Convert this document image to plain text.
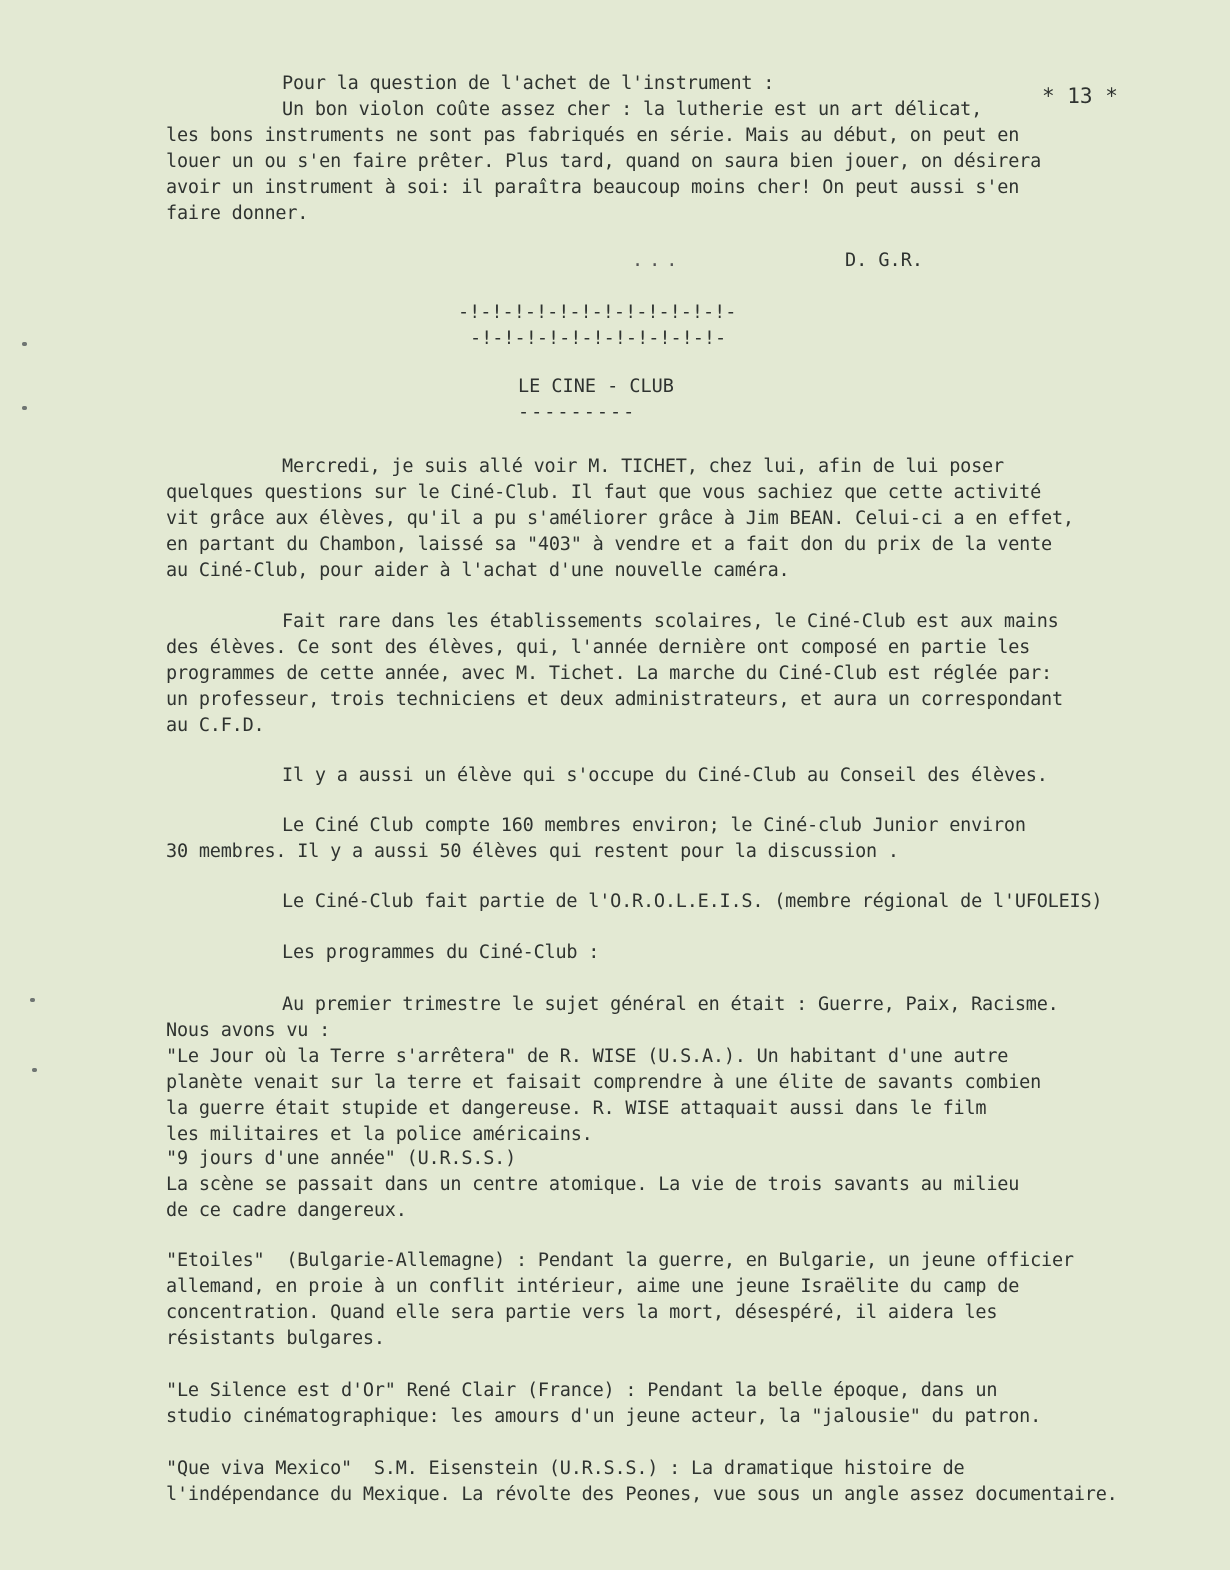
* 13 *
Pour la question de l'achet de l'instrument :
Un bon violon coûte assez cher : la lutherie est un art délicat,
les bons instruments ne sont pas fabriqués en série. Mais au début, on peut en
louer un ou s'en faire prêter. Plus tard, quand on saura bien jouer, on désirera
avoir un instrument à soi: il paraîtra beaucoup moins cher! On peut aussi s'en
faire donner.
...	D. G.R.
-!-!-!-!-!-!-!-!-!-!-!-!-
-!-!-!-!-!-!-!-!-!-!-!-
LE CINE - CLUB
---------
Mercredi, je suis allé voir M. TICHET, chez lui, afin de lui poser
quelques questions sur le Ciné-Club. Il faut que vous sachiez que cette activité
vit grâce aux élèves, qu'il a pu s'améliorer grâce à Jim BEAN. Celui-ci a en effet,
en partant du Chambon, laissé sa "403" à vendre et a fait don du prix de la vente
au Ciné-Club, pour aider à l'achat d'une nouvelle caméra.
Fait rare dans les établissements scolaires, le Ciné-Club est aux mains
des élèves. Ce sont des élèves, qui, l'année dernière ont composé en partie les
programmes de cette année, avec M. Tichet. La marche du Ciné-Club est réglée par:
un professeur, trois techniciens et deux administrateurs, et aura un correspondant
au C.F.D.
Il y a aussi un élève qui s'occupe du Ciné-Club au Conseil des élèves.
Le Ciné Club compte 160 membres environ; le Ciné-club Junior environ
30 membres. Il y a aussi 50 élèves qui restent pour la discussion .
Le Ciné-Club fait partie de l'O.R.O.L.E.I.S. (membre régional de l'UFOLEIS)
Les programmes du Ciné-Club :
Au premier trimestre le sujet général en était : Guerre, Paix, Racisme.
Nous avons vu :
"Le Jour où la Terre s'arrêtera" de R. WISE (U.S.A.). Un habitant d'une autre
planète venait sur la terre et faisait comprendre à une élite de savants combien
la guerre était stupide et dangereuse. R. WISE attaquait aussi dans le film
les militaires et la police américains.
"9 jours d'une année" (U.R.S.S.)
La scène se passait dans un centre atomique. La vie de trois savants au milieu
de ce cadre dangereux.
"Etoiles"  (Bulgarie-Allemagne) : Pendant la guerre, en Bulgarie, un jeune officier
allemand, en proie à un conflit intérieur, aime une jeune Israëlite du camp de
concentration. Quand elle sera partie vers la mort, désespéré, il aidera les
résistants bulgares.
"Le Silence est d'Or" René Clair (France) : Pendant la belle époque, dans un
studio cinématographique: les amours d'un jeune acteur, la "jalousie" du patron.
"Que viva Mexico"  S.M. Eisenstein (U.R.S.S.) : La dramatique histoire de
l'indépendance du Mexique. La révolte des Peones, vue sous un angle assez documentaire.
